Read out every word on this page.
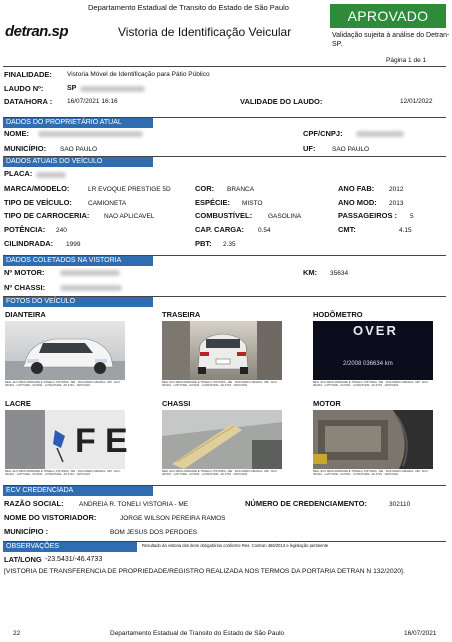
Departamento Estadual de Transito do Estado de São Paulo
detran.sp	Vistoria de Identificação Veicular
APROVADO
Validação sujeita à análise do Detran-SP.
Página 1 de 1
FINALIDADE: Vistoria Móvel de Identificação para Pátio Público
LAUDO Nº:	SP
DATA/HORA : 16/07/2021 16:16	VALIDADE DO LAUDO:	12/01/2022
DADOS DO PROPRIETÁRIO ATUAL
NOME:	CPF/CNPJ:
MUNICÍPIO: SAO PAULO	UF:	SAO PAULO
DADOS ATUAIS DO VEÍCULO
PLACA:
MARCA/MODELO:	LR EVOQUE PRESTIGE 5D	COR: BRANCA	ANO FAB: 2012
TIPO DE VEÍCULO: CAMIONETA	ESPÉCIE: MISTO	ANO MOD: 2013
TIPO DE CARROCERIA: NAO APLICAVEL	COMBUSTÍVEL: GASOLINA	PASSAGEIROS : 5
POTÊNCIA: 240	CAP. CARGA: 0.54	CMT:	4.15
CILINDRADA: 1999	PBT: 2.35
DADOS COLETADOS NA VISTORIA
Nº MOTOR:	KM: 35634
Nº CHASSI:
FOTOS DO VEÍCULO
DIANTEIRA
REG. ECV REIS ANDRADE E TONELLI VISTORIA - ME · RUA MARIO AMARAL, 186 · ECV: 302110 · LATITUDE: -23.5431 · LONGITUDE: -46.4733 · 16/07/2021
TRASEIRA
REG. ECV REIS ANDRADE E TONELLI VISTORIA - ME · RUA MARIO AMARAL, 186 · ECV: 302110 · LATITUDE: -23.5431 · LONGITUDE: -46.4733 · 16/07/2021
HODÔMETRO
OVER
2/2008 036634 km
REG. ECV REIS ANDRADE E TONELLI VISTORIA - ME · RUA MARIO AMARAL, 186 · ECV: 302110 · LATITUDE: -23.5431 · LONGITUDE: -46.4733 · 16/07/2021
LACRE
F E
REG. ECV REIS ANDRADE E TONELLI VISTORIA - ME · RUA MARIO AMARAL, 186 · ECV: 302110 · LATITUDE: -23.5431 · LONGITUDE: -46.4733 · 16/07/2021
CHASSI
REG. ECV REIS ANDRADE E TONELLI VISTORIA - ME · RUA MARIO AMARAL, 186 · ECV: 302110 · LATITUDE: -23.5431 · LONGITUDE: -46.4733 · 16/07/2021
MOTOR
REG. ECV REIS ANDRADE E TONELLI VISTORIA - ME · RUA MARIO AMARAL, 186 · ECV: 302110 · LATITUDE: -23.5431 · LONGITUDE: -46.4733 · 16/07/2021
ECV CREDENCIADA
RAZÃO SOCIAL: ANDREIA R. TONELI VISTORIA - ME	NÚMERO DE CREDENCIAMENTO:	302110
NOME DO VISTORIADOR:	JORGE WILSON PEREIRA RAMOS
MUNICÍPIO :	BOM JESUS DOS PERDOES
OBSERVAÇÕES	Resultado da vistoria dos itens obrigatórios conforme Res. Contran 466/2013 e legislação pertinente
LAT/LONG -23.5431/-46.4733
[VISTORIA DE TRANSFERENCIA DE PROPRIEDADE/REGISTRO REALIZADA NOS TERMOS DA PORTARIA DETRAN N 132/2020].
22	Departamento Estadual de Transito do Estado de São Paulo	16/07/2021
